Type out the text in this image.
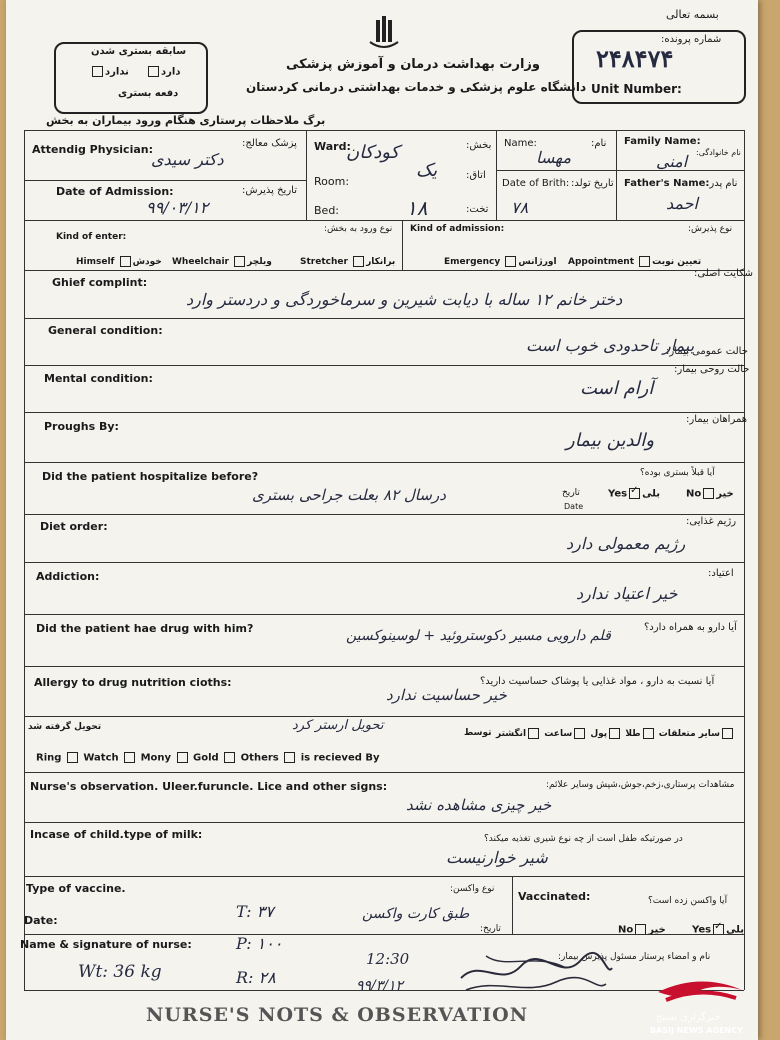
بسمه تعالی
وزارت بهداشت درمان و آموزش پزشکی
دانشگاه علوم پزشکی و خدمات بهداشتی درمانی کردستان
سابقه بستری شدن
ندارد	دارد
دفعه بستری
شماره پرونده:
۲۴۸۴۷۴
Unit Number:
برگ ملاحظات پرستاری هنگام ورود بیماران به بخش
Attendig Physician:	پزشک معالج:
دکتر سیدی
Date of Admission:	تاریخ پذیرش:
۹۹/۰۳/۱۲
Ward:	بخش:
کودکان
Room:	اتاق:
یک
Bed:	تخت:
۱۸
Name:	نام:
مهسا
Date of Brith: تاریخ تولد:
۷۸
Family Name:
نام خانوادگی:
امنی
Father's Name:
نام پدر:
احمد
Kind of enter:
نوع ورود به بخش:
Himself خودش Wheelchair ویلچر	Stretcher برانکار
Kind of admission:	نوع پذیرش:
Emergency اورژانس Appointment تعیین نوبت
Ghief complint:
شکایت اصلی:
دختر خانم ۱۲ ساله با دیابت شیرین و سرماخوردگی و دردستر وارد
General condition:
حالت عمومی بیمار:
بیمار تاحدودی خوب است
Mental condition:
حالت روحی بیمار:
آرام است
Proughs By:
همراهان بیمار:
والدین بیمار
Did the patient hospitalize before?	آیا قبلاً بستری بوده؟
Yes ✓ بلی	No خیر
تاریخ
Date
درسال ۸۲ بعلت جراحی بستری
Diet order:	رژیم غذایی:
رژیم معمولی دارد
Addiction:	اعتیاد:
خیر اعتیاد ندارد
Did the patient hae drug with him?	آیا دارو به همراه دارد؟
قلم دارویی مسیر دکوستروئید + لوسینوکسین
Allergy to drug nutrition cioths:	آیا نسبت به دارو ، مواد غذایی یا پوشاک حساسیت دارید؟
خیر حساسیت ندارد
تحویل گرفته شد
توسط
تحویل ارستر کرد
سایر متعلقات طلا پول ساعت انگشتر
Ring Watch Mony Gold Others is recieved By
Nurse's observation. Uleer.furuncle. Lice and other signs:	مشاهدات پرستاری،زخم،جوش،شپش وسایر علائم:
خیر چیزی مشاهده نشد
Incase of child.type of milk:	در صورتیکه طفل است از چه نوع شیری تغذیه میکند؟
شیر خوارنیست
Type of vaccine.	نوع واکسن:
Vaccinated:	آیا واکسن زده است؟
No خیر	Yes ✓ بلی
Date:
تاریخ:
طبق کارت واکسن
T: ۳۷
P: ۱۰۰
R: ۲۸
Name & signature of nurse:
نام و امضاء پرستار مسئول پذیرش بیمار:
Wt: 36 kg
12:30
۹۹/۳/۱۲
NURSE'S NOTS & OBSERVATION	خبرگزاری بسیج
BASIJ NEWS AGENCY
